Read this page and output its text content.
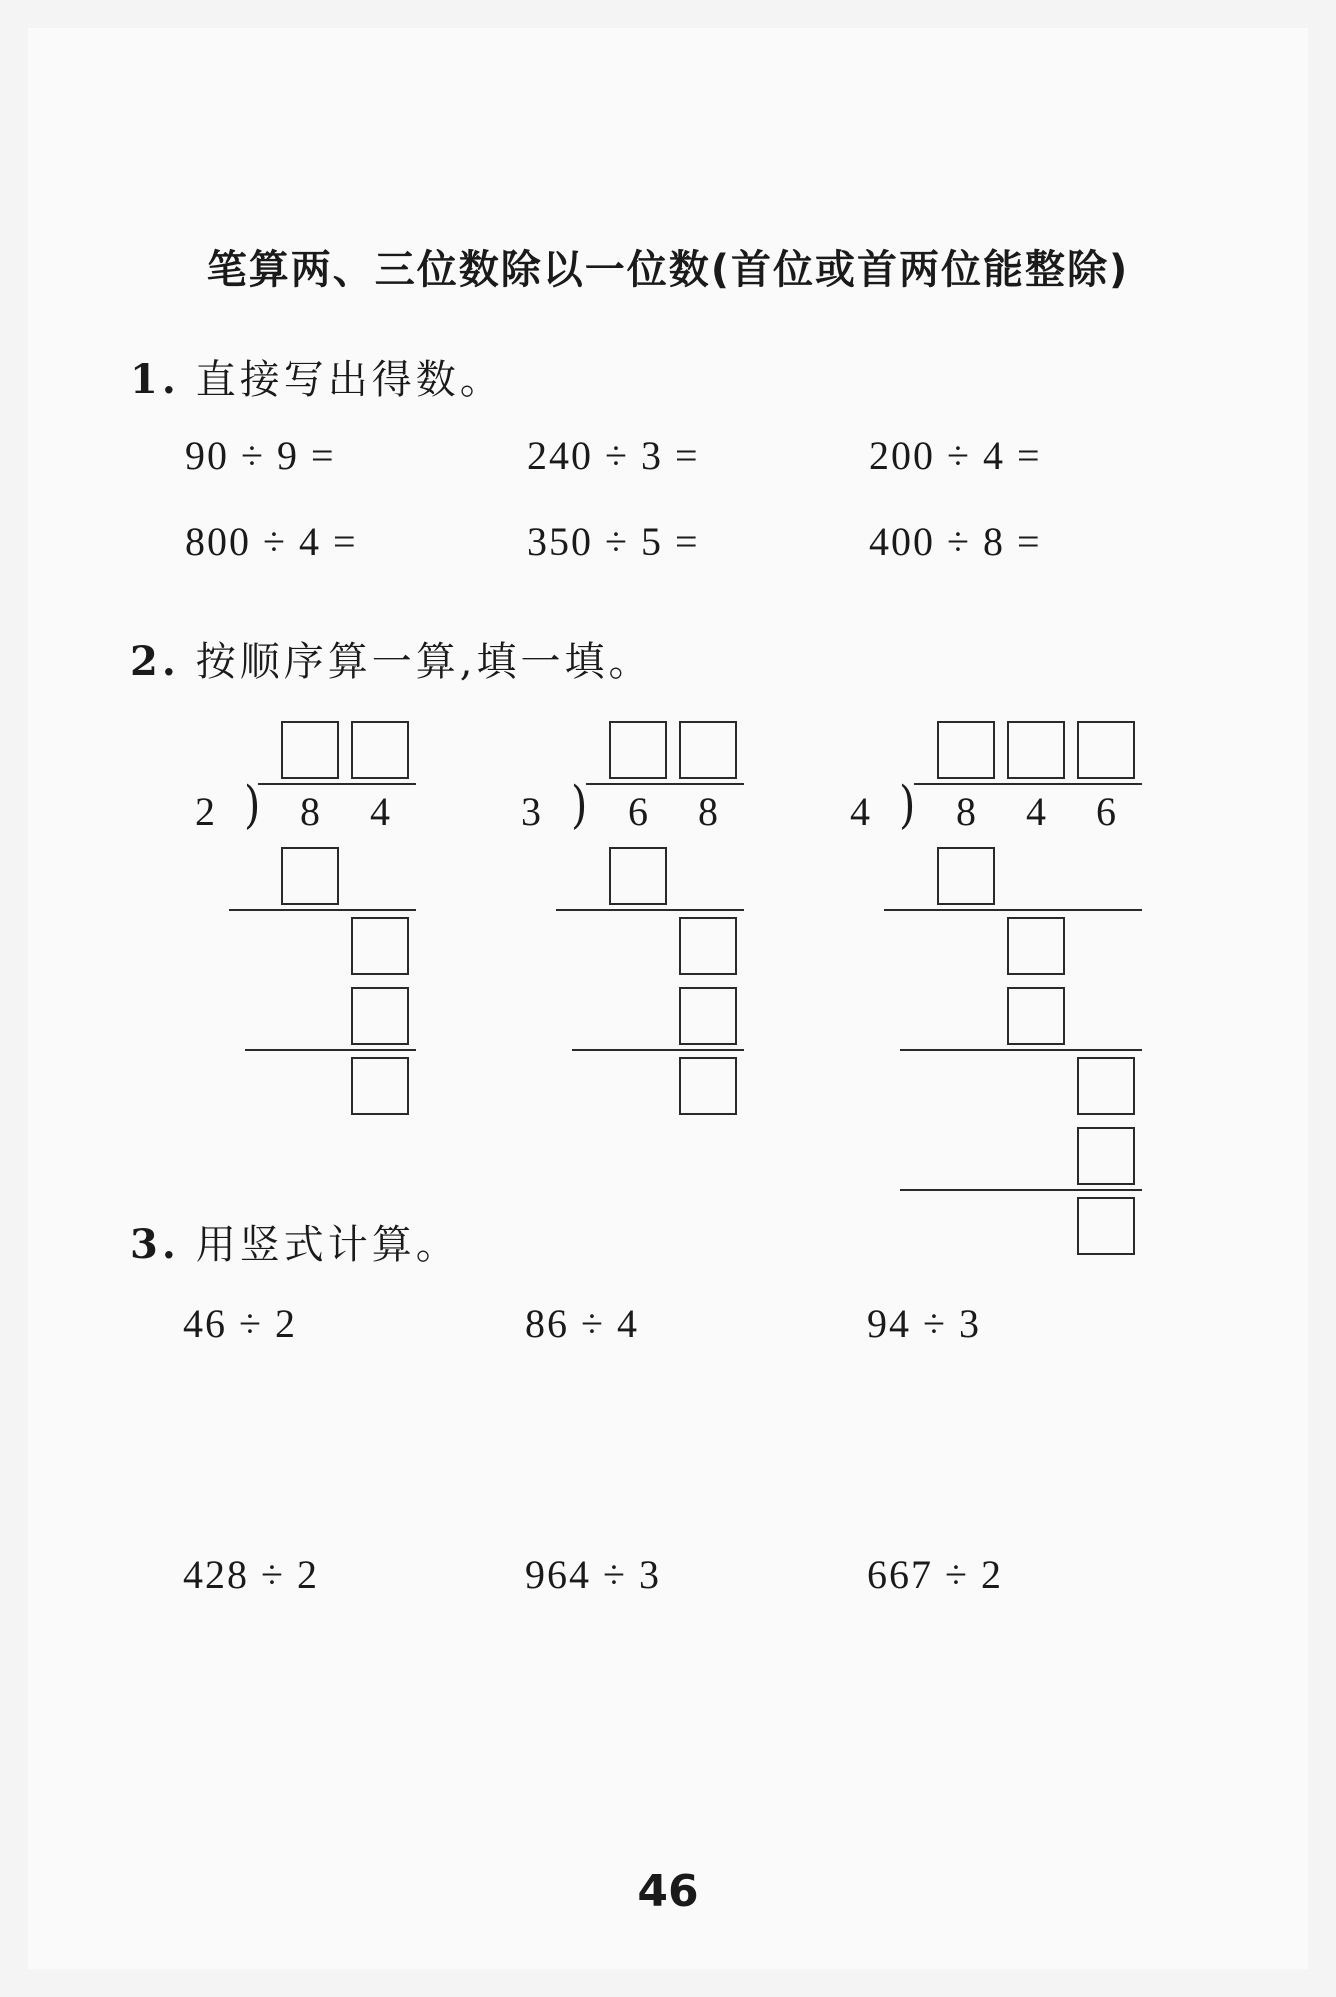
笔算两、三位数除以一位数(首位或首两位能整除)
1. 直接写出得数。
90 ÷ 9 =	240 ÷ 3 =	200 ÷ 4 =
800 ÷ 4 =	350 ÷ 5 =	400 ÷ 8 =
2. 按顺序算一算,填一填。
2 ) 8 4	3 ) 6 8	4 ) 8 4 6
3. 用竖式计算。
46 ÷ 2	86 ÷ 4	94 ÷ 3
428 ÷ 2	964 ÷ 3	667 ÷ 2
46
